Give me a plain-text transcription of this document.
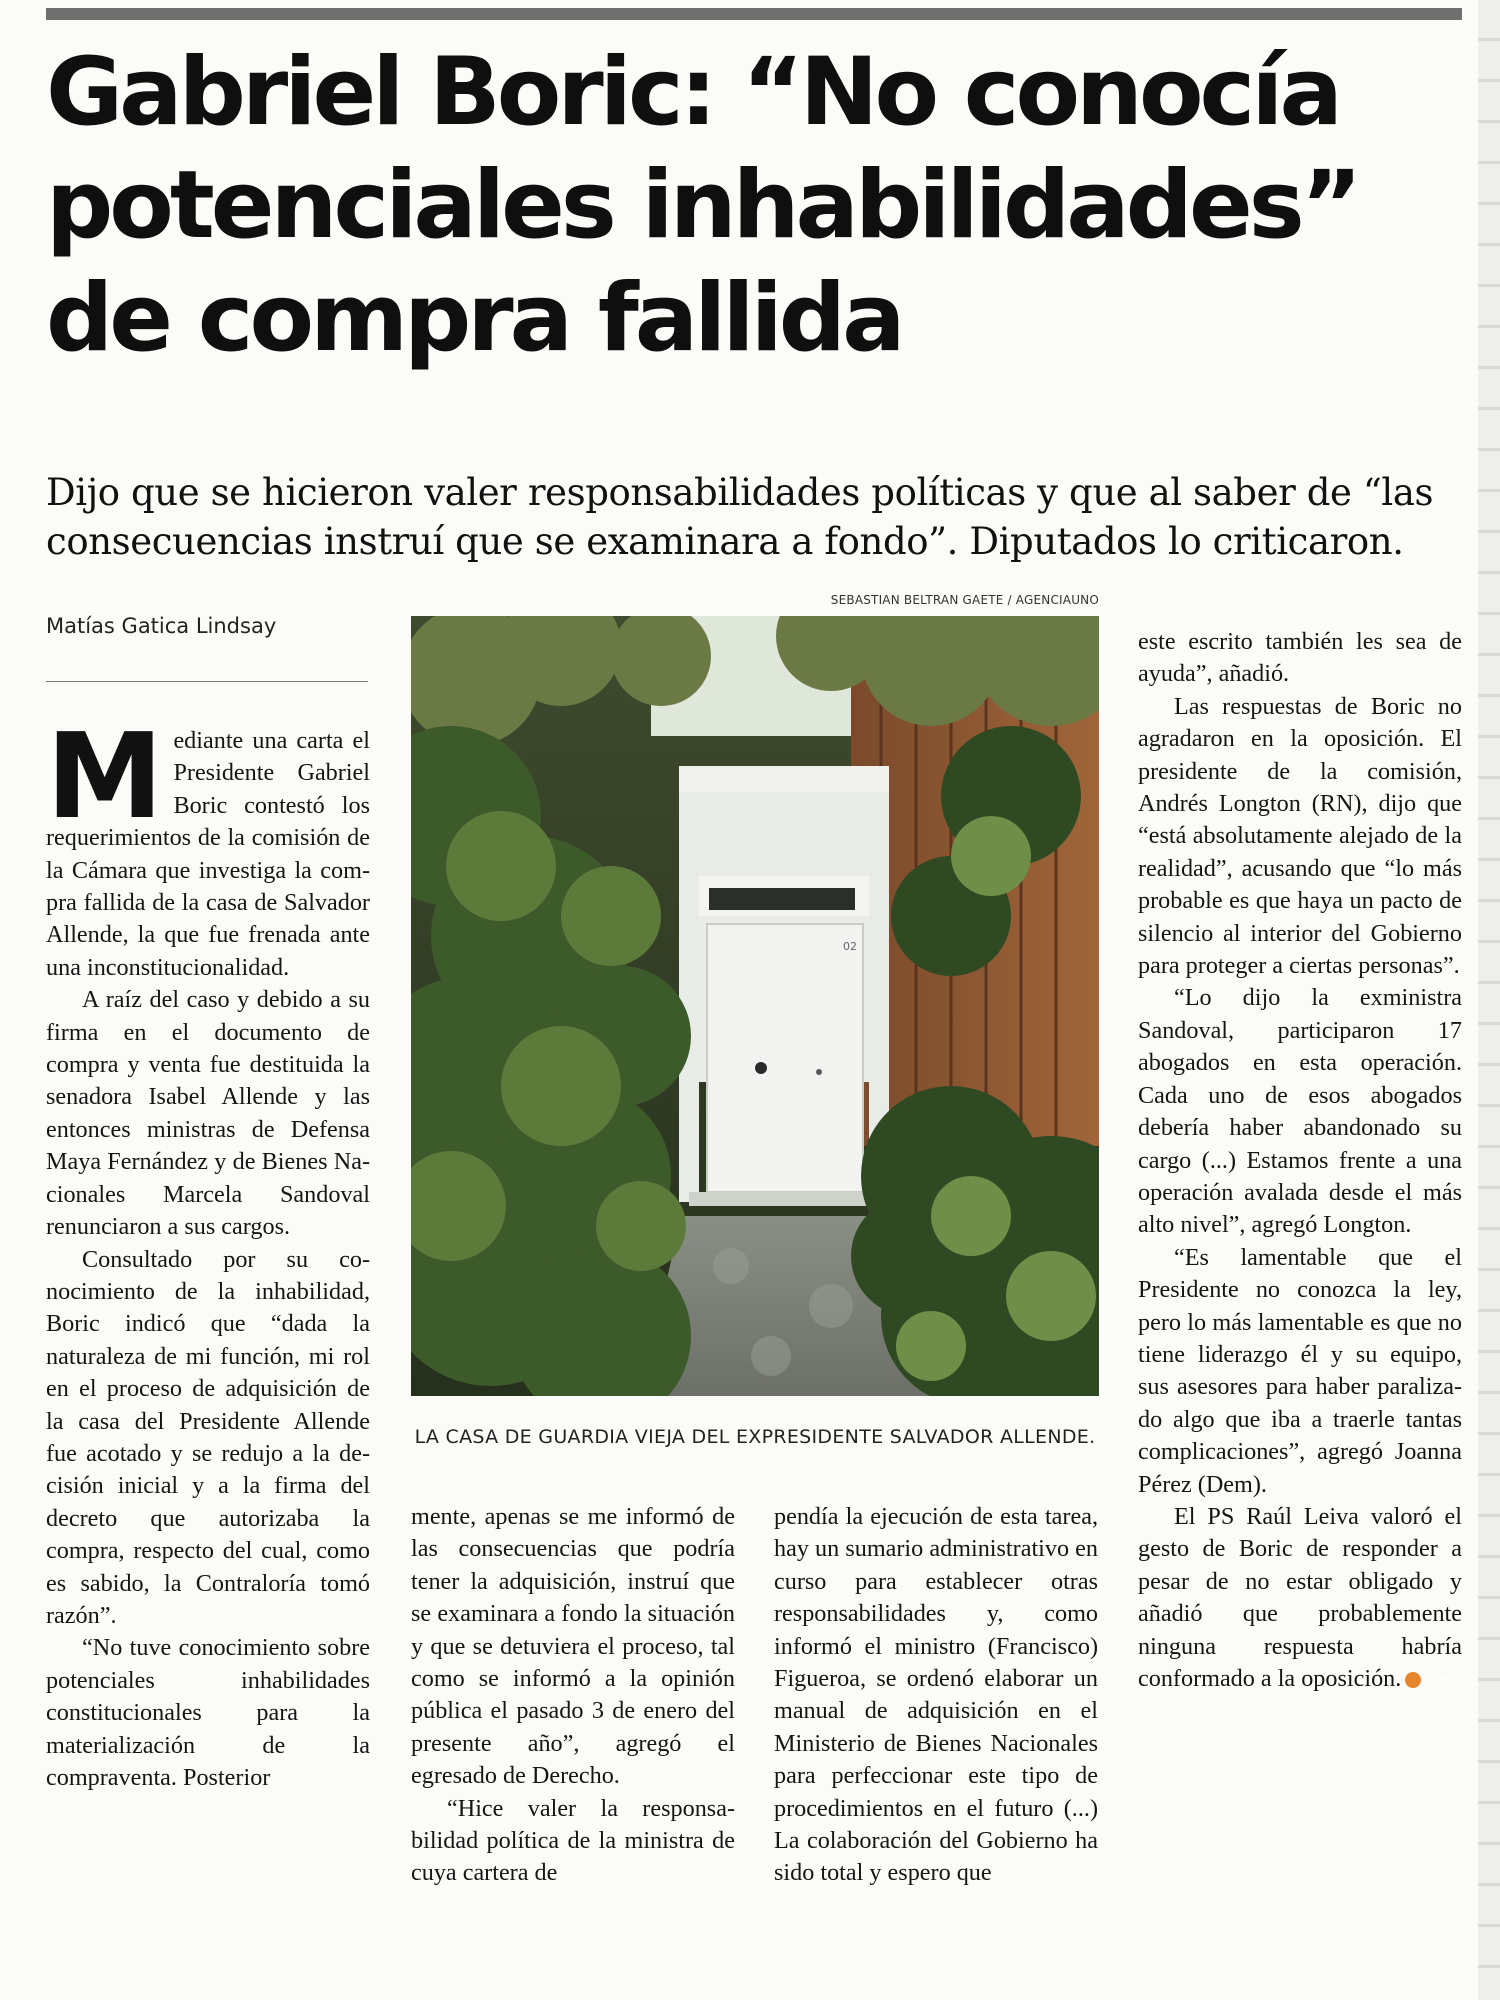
Gabriel Boric: “No conocía
potenciales inhabilidades”
de compra fallida
Dijo que se hicieron valer responsabilidades políticas y que al saber de “las
consecuencias instruí que se examinara a fondo”. Diputados lo criticaron.
Matías Gatica Lindsay

Mediante una carta el Presidente Gabriel Boric contestó los requerimientos de la comisión de la Cámara que investiga la compra fallida de la casa de Salvador Allende, la que fue frenada ante una inconstitucionalidad.

A raíz del caso y debido a su firma en el documento de compra y venta fue destituida la senadora Isabel Allende y las entonces ministras de Defensa Maya Fernández y de Bienes Nacionales Marcela Sandoval renunciaron a sus cargos.

Consultado por su conocimiento de la inhabilidad, Boric indicó que “dada la naturaleza de mi función, mi rol en el proceso de adquisición de la casa del Presidente Allende fue acotado y se redujo a la decisión inicial y a la firma del decreto que autorizaba la compra, respecto del cual, como es sabido, la Contraloría tomó razón”.

“No tuve conocimiento sobre potenciales inhabilidades constitucionales para la materialización de la compraventa. Posterior

SEBASTIAN BELTRAN GAETE / AGENCIAUNO
02
LA CASA DE GUARDIA VIEJA DEL EXPRESIDENTE SALVADOR ALLENDE.

mente, apenas se me informó de las consecuencias que podría tener la adquisición, instruí que se examinara a fondo la situación y que se detuviera el proceso, tal como se informó a la opinión pública el pasado 3 de enero del presente año”, agregó el egresado de Derecho.

“Hice valer la responsabilidad política de la ministra de cuya cartera de

pendía la ejecución de esta tarea, hay un sumario administrativo en curso para establecer otras responsabilidades y, como informó el ministro (Francisco) Figueroa, se ordenó elaborar un manual de adquisición en el Ministerio de Bienes Nacionales para perfeccionar este tipo de procedimientos en el futuro (...) La colaboración del Gobierno ha sido total y espero que

este escrito también les sea de ayuda”, añadió.

Las respuestas de Boric no agradaron en la oposición. El presidente de la comisión, Andrés Longton (RN), dijo que “está absolutamente alejado de la realidad”, acusando que “lo más probable es que haya un pacto de silencio al interior del Gobierno para proteger a ciertas personas”.

“Lo dijo la exministra Sandoval, participaron 17 abogados en esta operación. Cada uno de esos abogados debería haber abandonado su cargo (...) Estamos frente a una operación avalada desde el más alto nivel”, agregó Longton.

“Es lamentable que el Presidente no conozca la ley, pero lo más lamentable es que no tiene liderazgo él y su equipo, sus asesores para haber paralizado algo que iba a traerle tantas complicaciones”, agregó Joanna Pérez (Dem).

El PS Raúl Leiva valoró el gesto de Boric de responder a pesar de no estar obligado y añadió que probablemente ninguna respuesta habría conformado a la oposición.	✦
